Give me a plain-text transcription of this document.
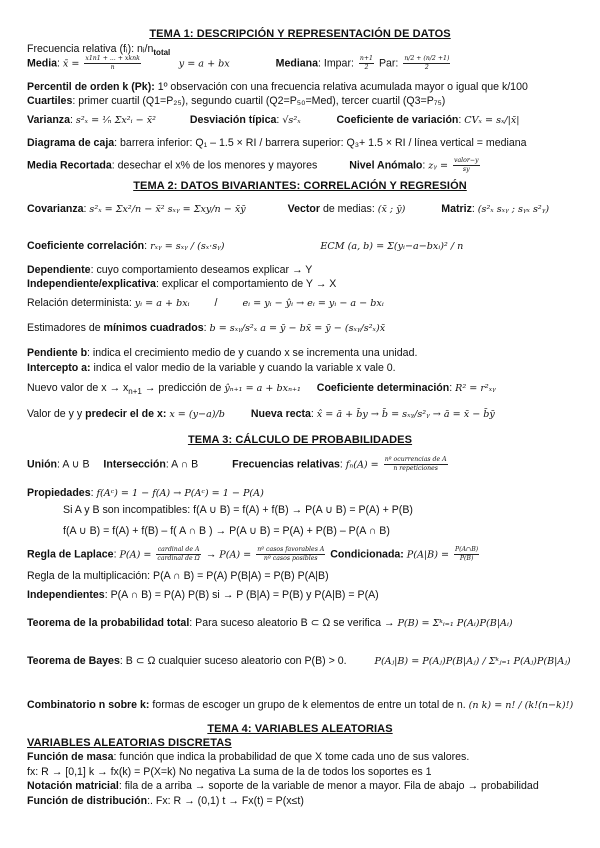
TEMA 1: DESCRIPCIÓN Y REPRESENTACIÓN DE DATOS
Frecuencia relativa (fᵢ): $nᵢ/n_{total}$
Media: x̄ = $\frac{\text{x1n1 + ... + xknk}}{n}$	y = a + bx	Mediana: Impar: $\frac{n+1}{2}$ Par: $\frac{n/2 + (n/2 +1)}{2}$
Percentil de orden k (Pk): 1º observación con una frecuencia relativa acumulada mayor o igual que k/100
Cuartiles: primer cuartil (Q1=P₂₅), segundo cuartil (Q2=P₅₀=Med), tercer cuartil (Q3=P₇₅)
Varianza: s²ₓ = ¹⁄ₙ Σx²ᵢ − x̄²	Desviación típica: √s²ₓ	Coeficiente de variación: CVₓ = sₓ/|x̄|
Diagrama de caja: barrera inferior: Q₁ – 1.5 × RI / barrera superior: Q₃+ 1.5 × RI / línea vertical = mediana
Media Recortada: desechar el x% de los menores y mayores	Nivel Anómalo: zᵧ = $\frac{\text{valor−y}}{sy}$
TEMA 2: DATOS BIVARIANTES: CORRELACIÓN Y REGRESIÓN
Covarianza: s²ₓ = Σx²/n − x̄² sₓᵧ = Σxy/n − x̄ȳ	Vector de medias: (x̄ ; ȳ)	Matriz: (s²ₓ sₓᵧ ; sᵧₓ s²ᵧ)
Coeficiente correlación: rₓᵧ = sₓᵧ / (sₓ·sᵧ)	ECM (a, b) = Σ(yᵢ−a−bxᵢ)² / n
Dependiente: cuyo comportamiento deseamos explicar → Y
Independiente/explicativa: explicar el comportamiento de Y → X
Relación determinista: yᵢ = a + bxᵢ /	eᵢ = yᵢ − ŷᵢ → eᵢ = yᵢ − a − bxᵢ
Estimadores de mínimos cuadrados: b = sₓᵧ/s²ₓ a = ȳ − bx̄ = ȳ − (sₓᵧ/s²ₓ)x̄
Pendiente b: indica el crecimiento medio de y cuando x se incrementa una unidad.
Intercepto a: indica el valor medio de la variable y cuando la variable x vale 0.
Nuevo valor de $x \to x_{n+1}$ → predicción de ŷₙ₊₁ = a + bxₙ₊₁ Coeficiente determinación: R² = r²ₓᵧ
Valor de y y predecir el de x: x = (y−a)/b Nueva recta: x̂ = ā + b̄y → b̄ = sₓᵧ/s²ᵧ → ā = x̄ − b̄ȳ
TEMA 3: CÁLCULO DE PROBABILIDADES
Unión: A ∪ B Intersección: A ∩ B	Frecuencias relativas: $f_n(A) = \frac{\text{nº ocurrencias de A}}{\text{n repeticiones}}$
Propiedades: f(Aᶜ) = 1 − f(A) → P(Aᶜ) = 1 − P(A)
Si A y B son incompatibles: f(A ∪ B) = f(A) + f(B) → P(A ∪ B) = P(A) + P(B)
f(A ∪ B) = f(A) + f(B) – f( A ∩ B ) → P(A ∪ B) = P(A) + P(B) – P(A ∩ B)
Regla de Laplace: $P(A) = \frac{\text{cardinal de A}}{\text{cardinal de Ω}} \to P(A) = \frac{\text{nº casos favorables A}}{\text{nº casos posibles}}$ Condicionada: $P(A|B) = \frac{P(A\cap B)}{P(B)}$
Regla de la multiplicación: P(A ∩ B) = P(A) P(B|A) = P(B) P(A|B)
Independientes: P(A ∩ B) = P(A) P(B) si → P (B|A) = P(B) y P(A|B) = P(A)
Teorema de la probabilidad total: Para suceso aleatorio B ⊂ Ω se verifica → P(B) = Σᵏᵢ₌₁ P(Aᵢ)P(B|Aᵢ)
Teorema de Bayes: B ⊂ Ω cualquier suceso aleatorio con P(B) > 0.	P(Aⱼ|B) = P(Aⱼ)P(B|Aⱼ) / Σᵏⱼ₌₁ P(Aⱼ)P(B|Aⱼ)
Combinatorio n sobre k: formas de escoger un grupo de k elementos de entre un total de n. (n k) = n! / (k!(n−k)!)
TEMA 4: VARIABLES ALEATORIAS
VARIABLES ALEATORIAS DISCRETAS
Función de masa: función que indica la probabilidad de que X tome cada uno de sus valores.
fx: R → [0,1] k → fx(k) = P(X=k) No negativa La suma de la de todos los soportes es 1
Notación matricial: fila de a arriba → soporte de la variable de menor a mayor. Fila de abajo → probabilidad
Función de distribución:. Fx: R → (0,1) t → Fx(t) = P(x≤t)
